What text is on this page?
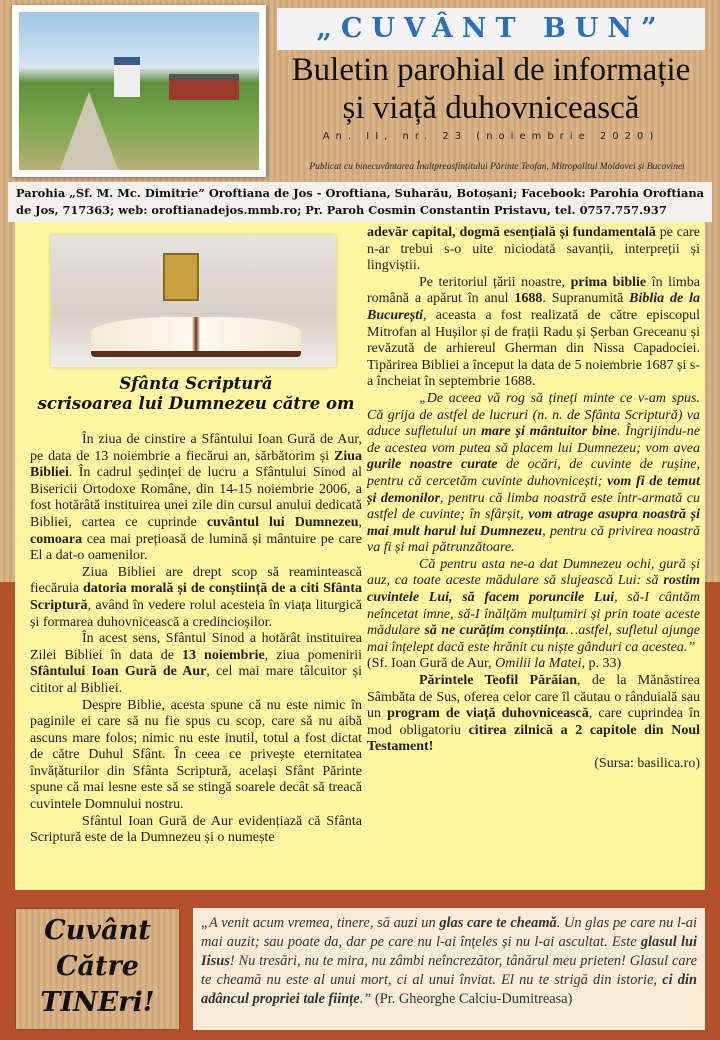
„CUVÂNT BUN”
Buletin parohial de informație
și viață duhovnicească
An. II, nr. 23 (noiembrie 2020)
Publicat cu binecuvântarea Înaltpreasfințitului Părinte Teofan, Mitropolitul Moldovei și Bucovinei
Parohia „Sf. M. Mc. Dimitrie” Oroftiana de Jos - Oroftiana, Suharău, Botoșani; Facebook: Parohia Oroftiana de Jos, 717363; web: oroftianadejos.mmb.ro; Pr. Paroh Cosmin Constantin Pristavu, tel. 0757.757.937
Sfânta Scriptură
scrisoarea lui Dumnezeu către om

În ziua de cinstire a Sfântului Ioan Gură de Aur, pe data de 13 noiembrie a fiecărui an, sărbătorim și Ziua Bibliei. În cadrul ședinței de lucru a Sfântului Sinod al Bisericii Ortodoxe Române, din 14-15 noiembrie 2006, a fost hotărâtă instituirea unei zile din cursul anului dedicată Bibliei, cartea ce cuprinde cuvântul lui Dumnezeu, comoara cea mai prețioasă de lumină și mântuire pe care El a dat-o oamenilor.

Ziua Bibliei are drept scop să reamintească fiecăruia datoria morală și de conștiință de a citi Sfânta Scriptură, având în vedere rolul acesteia în viața liturgică și formarea duhovnicească a credincioșilor.

În acest sens, Sfântul Sinod a hotărât instituirea Zilei Bibliei în data de 13 noiembrie, ziua pomenirii Sfântului Ioan Gură de Aur, cel mai mare tâlcuitor și cititor al Bibliei.

Despre Biblie, acesta spune că nu este nimic în paginile ei care să nu fie spus cu scop, care să nu aibă ascuns mare folos; nimic nu este inutil, totul a fost dictat de către Duhul Sfânt. În ceea ce privește eternitatea învățăturilor din Sfânta Scriptură, același Sfânt Părinte spune că mai lesne este să se stingă soarele decât să treacă cuvintele Domnului nostru.

Sfântul Ioan Gură de Aur evidențiază că Sfânta Scriptură este de la Dumnezeu și o numește

adevăr capital, dogmă esențială și fundamentală pe care n-ar trebui s-o uite niciodată savanții, interpreții și lingviștii.

Pe teritoriul țării noastre, prima biblie în limba română a apărut în anul 1688. Supranumită Biblia de la București, aceasta a fost realizată de către episcopul Mitrofan al Hușilor și de frații Radu și Șerban Greceanu și revăzută de arhiereul Gherman din Nissa Capadociei. Tipărirea Bibliei a început la data de 5 noiembrie 1687 și s-a încheiat în septembrie 1688.

„De aceea vă rog să țineți minte ce v-am spus. Că grija de astfel de lucruri (n. n. de Sfânta Scriptură) va aduce sufletului un mare și mântuitor bine. Îngrijindu-ne de acestea vom putea să placem lui Dumnezeu; vom avea gurile noastre curate de ocări, de cuvinte de rușine, pentru că cercetăm cuvinte duhovnicești; vom fi de temut și demonilor, pentru că limba noastră este într-armată cu astfel de cuvinte; în sfârșit, vom atrage asupra noastră și mai mult harul lui Dumnezeu, pentru că privirea noastră va fi și mai pătrunzătoare.

Că pentru asta ne-a dat Dumnezeu ochi, gură și auz, ca toate aceste mădulare să slujească Lui: să rostim cuvintele Lui, să facem poruncile Lui, să-I cântăm neîncetat imne, să-I înălțăm mulțumiri și prin toate aceste mădulare să ne curățim conștiința…astfel, sufletul ajunge mai înțelept dacă este hrănit cu niște gânduri ca acestea.”

(Sf. Ioan Gură de Aur, Omilii la Matei, p. 33)

Părintele Teofil Părăian, de la Mănăstirea Sâmbăta de Sus, oferea celor care îl căutau o rânduială sau un program de viață duhovnicească, care cuprindea în mod obligatoriu citirea zilnică a 2 capitole din Noul Testament!

(Sursa: basilica.ro)

Cuvânt
Către
TINEri!
„A venit acum vremea, tinere, să auzi un glas care te cheamă. Un glas pe care nu l-ai mai auzit; sau poate da, dar pe care nu l-ai înțeles și nu l-ai ascultat. Este glasul lui Iisus! Nu tresări, nu te mira, nu zâmbi neîncrezător, tânărul meu prieten! Glasul care te cheamă nu este al unui mort, ci al unui înviat. El nu te strigă din istorie, ci din adâncul propriei tale ființe.” (Pr. Gheorghe Calciu-Dumitreasa)
